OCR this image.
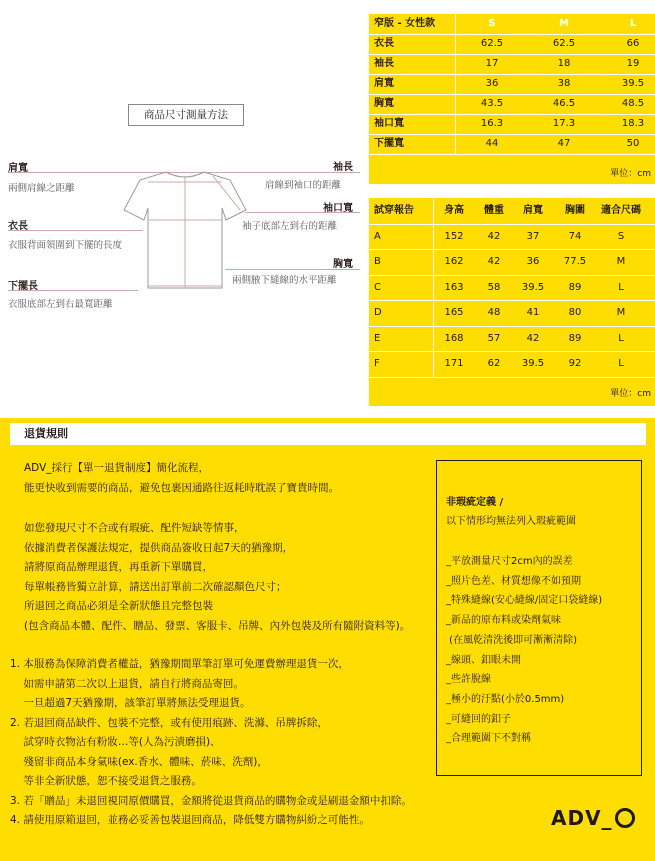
窄版 - 女性款	S	M	L
衣長	62.5	62.5	66
袖長	17	18	19
肩寬	36	38	39.5
胸寬	43.5	46.5	48.5
袖口寬	16.3	17.3	18.3
下擺寬	44	47	50
單位：cm
商品尺寸測量方法
肩寬
兩側肩線之距離
衣長
衣服背面領圍到下擺的長度
下擺長
衣服底部左到右最寬距離
袖長
肩線到袖口的距離
袖口寬
袖子底部左到右的距離
胸寬
兩側腋下縫線的水平距離
試穿報告	身高	體重	肩寬	胸圍	適合尺碼
A	152	42	37	74	S
B	162	42	36	77.5	M
C	163	58	39.5	89	L
D	165	48	41	80	M
E	168	57	42	89	L
F	171	62	39.5	92	L
單位：cm
退貨規則
ADV_採行【單一退貨制度】簡化流程，
能更快收到需要的商品，避免包裹因通路往返耗時耽誤了寶貴時間。
如您發現尺寸不合或有瑕疵、配件短缺等情事，
依據消費者保護法規定，提供商品簽收日起7天的猶豫期，
請將原商品辦理退貨，再重新下單購買，
每單帳務皆獨立計算，請送出訂單前二次確認顏色尺寸；
所退回之商品必須是全新狀態且完整包裝
(包含商品本體、配件、贈品、發票、客服卡、吊牌、內外包裝及所有隨附資料等)。
1. 本服務為保障消費者權益，猶豫期間單筆訂單可免運費辦理退貨一次，
如需申請第二次以上退貨，請自行將商品寄回。
一旦超過7天猶豫期，該筆訂單將無法受理退貨。
2. 若退回商品缺件、包裝不完整，或有使用痕跡、洗滌、吊牌拆除，
試穿時衣物沾有粉妝…等(人為污漬磨損)、
殘留非商品本身氣味(ex.香水、體味、菸味、洗劑)，
等非全新狀態，恕不接受退貨之服務。
3. 若「贈品」未退回視同原價購買，金額將從退貨商品的購物金或是刷退金額中扣除。
4. 請使用原箱退回，並務必妥善包裝退回商品，降低雙方購物糾紛之可能性。
非瑕疵定義 /
以下情形均無法列入瑕疵範圍
_平放測量尺寸2cm內的誤差
_照片色差、材質想像不如預期
_特殊縫線(安心縫線/固定口袋縫線)
_新品的原布料或染劑氣味
(在風乾清洗後即可漸漸清除)
_線頭、釦眼未開
_些許脫線
_極小的汙點(小於0.5mm)
_可縫回的釦子
_合理範圍下不對稱
ADV_
